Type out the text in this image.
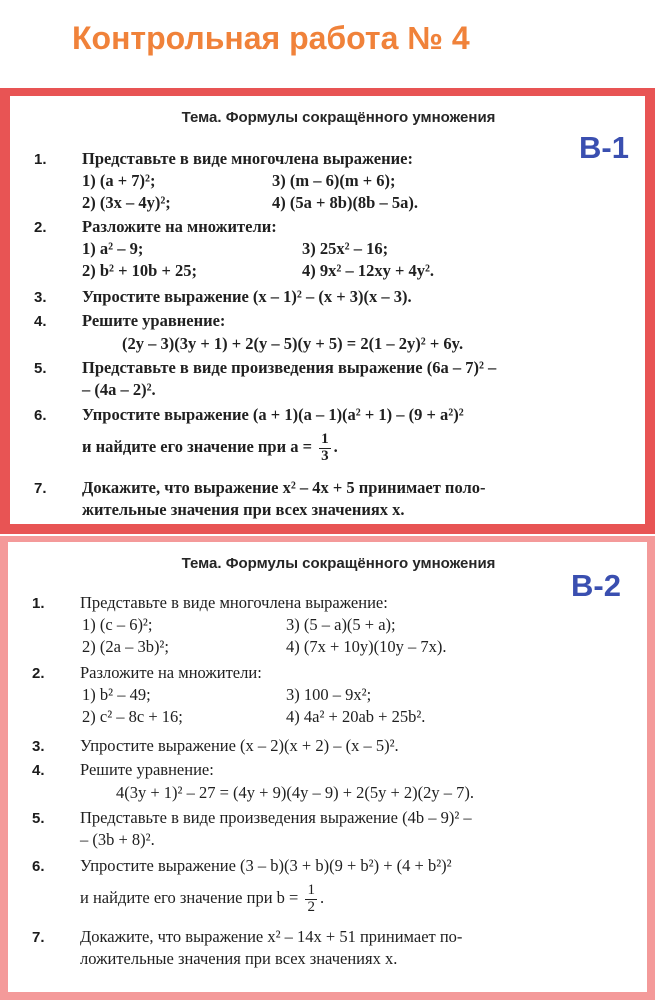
Контрольная работа № 4
Тема. Формулы сокращённого умножения
В-1
1. Представьте в виде многочлена выражение:
1) (a + 7)²;	3) (m – 6)(m + 6);
2) (3x – 4y)²;	4) (5a + 8b)(8b – 5a).
2. Разложите на множители:
1) a² – 9;	3) 25x² – 16;
2) b² + 10b + 25;	4) 9x² – 12xy + 4y².
3. Упростите выражение (x – 1)² – (x + 3)(x – 3).
4. Решите уравнение:
(2y – 3)(3y + 1) + 2(y – 5)(y + 5) = 2(1 – 2y)² + 6y.
5. Представьте в виде произведения выражение (6a – 7)² –
– (4a – 2)².
6. Упростите выражение (a + 1)(a – 1)(a² + 1) – (9 + a²)²
и найдите его значение при $a = \frac{1}{3}$ .
7. Докажите, что выражение x² – 4x + 5 принимает поло-
жительные значения при всех значениях x.
Тема. Формулы сокращённого умножения
В-2
1. Представьте в виде многочлена выражение:
1) (c – 6)²;	3) (5 – a)(5 + a);
2) (2a – 3b)²;	4) (7x + 10y)(10y – 7x).
2. Разложите на множители:
1) b² – 49;	3) 100 – 9x²;
2) c² – 8c + 16;	4) 4a² + 20ab + 25b².
3. Упростите выражение (x – 2)(x + 2) – (x – 5)².
4. Решите уравнение:
4(3y + 1)² – 27 = (4y + 9)(4y – 9) + 2(5y + 2)(2y – 7).
5. Представьте в виде произведения выражение (4b – 9)² –
– (3b + 8)².
6. Упростите выражение (3 – b)(3 + b)(9 + b²) + (4 + b²)²
и найдите его значение при $b = \frac{1}{2}$ .
7. Докажите, что выражение x² – 14x + 51 принимает по-
ложительные значения при всех значениях x.
